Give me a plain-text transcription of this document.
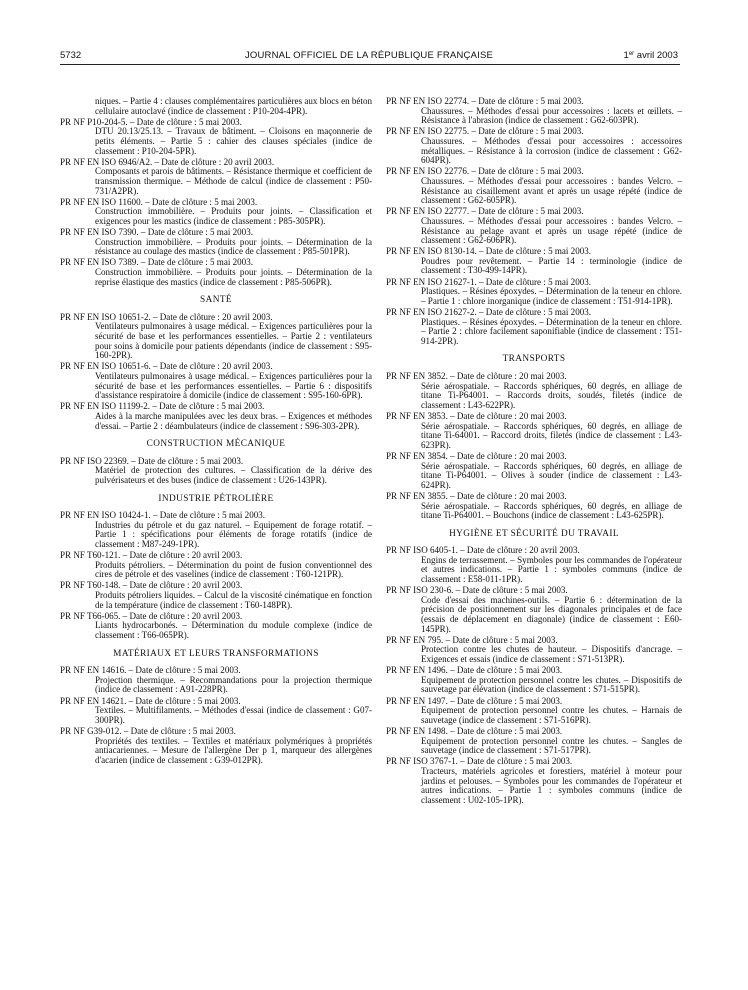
5732	JOURNAL OFFICIEL DE LA RÉPUBLIQUE FRANÇAISE	1er avril 2003
niques. – Partie 4 : clauses complémentaires particulières aux blocs en béton cellulaire autoclavé (indice de classement : P10-204-4PR).
PR NF P10-204-5. – Date de clôture : 5 mai 2003.
DTU 20.13/25.13. – Travaux de bâtiment. – Cloisons en maçonnerie de petits éléments. – Partie 5 : cahier des clauses spéciales (indice de classement : P10-204-5PR).
PR NF EN ISO 6946/A2. – Date de clôture : 20 avril 2003.
Composants et parois de bâtiments. – Résistance thermique et coefficient de transmission thermique. – Méthode de calcul (indice de classement : P50-731/A2PR).
PR NF EN ISO 11600. – Date de clôture : 5 mai 2003.
Construction immobilière. – Produits pour joints. – Classification et exigences pour les mastics (indice de classement : P85-305PR).
PR NF EN ISO 7390. – Date de clôture : 5 mai 2003.
Construction immobilière. – Produits pour joints. – Détermination de la résistance au coulage des mastics (indice de classement : P85-501PR).
PR NF EN ISO 7389. – Date de clôture : 5 mai 2003.
Construction immobilière. – Produits pour joints. – Détermination de la reprise élastique des mastics (indice de classement : P85-506PR).
SANTÉ
PR NF EN ISO 10651-2. – Date de clôture : 20 avril 2003.
Ventilateurs pulmonaires à usage médical. – Exigences particulières pour la sécurité de base et les performances essentielles. – Partie 2 : ventilateurs pour soins à domicile pour patients dépendants (indice de classement : S95-160-2PR).
PR NF EN ISO 10651-6. – Date de clôture : 20 avril 2003.
Ventilateurs pulmonaires à usage médical. – Exigences particulières pour la sécurité de base et les performances essentielles. – Partie 6 : dispositifs d'assistance respiratoire à domicile (indice de classement : S95-160-6PR).
PR NF EN ISO 11199-2. – Date de clôture : 5 mai 2003.
Aides à la marche manipulées avec les deux bras. – Exigences et méthodes d'essai. – Partie 2 : déambulateurs (indice de classement : S96-303-2PR).
CONSTRUCTION MÉCANIQUE
PR NF ISO 22369. – Date de clôture : 5 mai 2003.
Matériel de protection des cultures. – Classification de la dérive des pulvérisateurs et des buses (indice de classement : U26-143PR).
INDUSTRIE PÉTROLIÈRE
PR NF EN ISO 10424-1. – Date de clôture : 5 mai 2003.
Industries du pétrole et du gaz naturel. – Equipement de forage rotatif. – Partie 1 : spécifications pour éléments de forage rotatifs (indice de classement : M87-249-1PR).
PR NF T60-121. – Date de clôture : 20 avril 2003.
Produits pétroliers. – Détermination du point de fusion conventionnel des cires de pétrole et des vaselines (indice de classement : T60-121PR).
PR NF T60-148. – Date de clôture : 20 avril 2003.
Produits pétroliers liquides. – Calcul de la viscosité cinématique en fonction de la température (indice de classement : T60-148PR).
PR NF T66-065. – Date de clôture : 20 avril 2003.
Liants hydrocarbonés. – Détermination du module complexe (indice de classement : T66-065PR).
MATÉRIAUX ET LEURS TRANSFORMATIONS
PR NF EN 14616. – Date de clôture : 5 mai 2003.
Projection thermique. – Recommandations pour la projection thermique (indice de classement : A91-228PR).
PR NF EN 14621. – Date de clôture : 5 mai 2003.
Textiles. – Multifilaments. – Méthodes d'essai (indice de classement : G07-300PR).
PR NF G39-012. – Date de clôture : 5 mai 2003.
Propriétés des textiles. – Textiles et matériaux polymériques à propriétés antiacariennes. – Mesure de l'allergène Der p 1, marqueur des allergènes d'acarien (indice de classement : G39-012PR).
PR NF EN ISO 22774. – Date de clôture : 5 mai 2003.
Chaussures. – Méthodes d'essai pour accessoires : lacets et œillets. – Résistance à l'abrasion (indice de classement : G62-603PR).
PR NF EN ISO 22775. – Date de clôture : 5 mai 2003.
Chaussures. – Méthodes d'essai pour accessoires : accessoires métalliques. – Résistance à la corrosion (indice de classement : G62-604PR).
PR NF EN ISO 22776. – Date de clôture : 5 mai 2003.
Chaussures. – Méthodes d'essai pour accessoires : bandes Velcro. – Résistance au cisaillement avant et après un usage répété (indice de classement : G62-605PR).
PR NF EN ISO 22777. – Date de clôture : 5 mai 2003.
Chaussures. – Méthodes d'essai pour accessoires : bandes Velcro. – Résistance au pelage avant et après un usage répété (indice de classement : G62-606PR).
PR NF EN ISO 8130-14. – Date de clôture : 5 mai 2003.
Poudres pour revêtement. – Partie 14 : terminologie (indice de classement : T30-499-14PR).
PR NF EN ISO 21627-1. – Date de clôture : 5 mai 2003.
Plastiques. – Résines époxydes. – Détermination de la teneur en chlore. – Partie 1 : chlore inorganique (indice de classement : T51-914-1PR).
PR NF EN ISO 21627-2. – Date de clôture : 5 mai 2003.
Plastiques. – Résines époxydes. – Détermination de la teneur en chlore. – Partie 2 : chlore facilement saponifiable (indice de classement : T51-914-2PR).
TRANSPORTS
PR NF EN 3852. – Date de clôture : 20 mai 2003.
Série aérospatiale. – Raccords sphériques, 60 degrés, en alliage de titane Ti-P64001. – Raccords droits, soudés, filetés (indice de classement : L43-622PR).
PR NF EN 3853. – Date de clôture : 20 mai 2003.
Série aérospatiale. – Raccords sphériques, 60 degrés, en alliage de titane Ti-64001. – Raccord droits, filetés (indice de classement : L43-623PR).
PR NF EN 3854. – Date de clôture : 20 mai 2003.
Série aérospatiale. – Raccords sphériques, 60 degrés, en alliage de titane Ti-P64001. – Olives à souder (indice de classement : L43-624PR).
PR NF EN 3855. – Date de clôture : 20 mai 2003.
Série aérospatiale. – Raccords sphériques, 60 degrés, en alliage de titane Ti-P64001. – Bouchons (indice de classement : L43-625PR).
HYGIÈNE ET SÉCURITÉ DU TRAVAIL
PR NF ISO 6405-1. – Date de clôture : 20 avril 2003.
Engins de terrassement. – Symboles pour les commandes de l'opérateur et autres indications. – Partie 1 : symboles communs (indice de classement : E58-011-1PR).
PR NF ISO 230-6. – Date de clôture : 5 mai 2003.
Code d'essai des machines-outils. – Partie 6 : détermination de la précision de positionnement sur les diagonales principales et de face (essais de déplacement en diagonale) (indice de classement : E60-145PR).
PR NF EN 795. – Date de clôture : 5 mai 2003.
Protection contre les chutes de hauteur. – Dispositifs d'ancrage. – Exigences et essais (indice de classement : S71-513PR).
PR NF EN 1496. – Date de clôture : 5 mai 2003.
Equipement de protection personnel contre les chutes. – Dispositifs de sauvetage par élévation (indice de classement : S71-515PR).
PR NF EN 1497. – Date de clôture : 5 mai 2003.
Equipement de protection personnel contre les chutes. – Harnais de sauvetage (indice de classement : S71-516PR).
PR NF EN 1498. – Date de clôture : 5 mai 2003.
Equipement de protection personnel contre les chutes. – Sangles de sauvetage (indice de classement : S71-517PR).
PR NF ISO 3767-1. – Date de clôture : 5 mai 2003.
Tracteurs, matériels agricoles et forestiers, matériel à moteur pour jardins et pelouses. – Symboles pour les commandes de l'opérateur et autres indications. – Partie 1 : symboles communs (indice de classement : U02-105-1PR).
